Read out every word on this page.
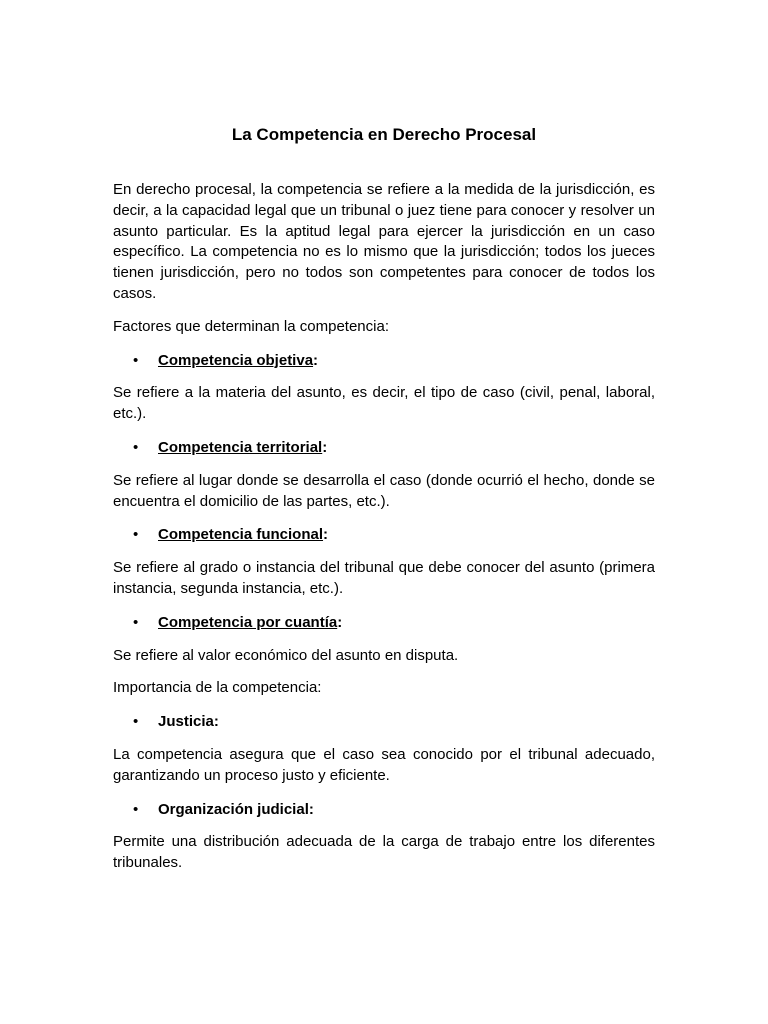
La Competencia en Derecho Procesal

En derecho procesal, la competencia se refiere a la medida de la jurisdicción, es decir, a la capacidad legal que un tribunal o juez tiene para conocer y resolver un asunto particular. Es la aptitud legal para ejercer la jurisdicción en un caso específico. La competencia no es lo mismo que la jurisdicción; todos los jueces tienen jurisdicción, pero no todos son competentes para conocer de todos los casos.

Factores que determinan la competencia:

• Competencia objetiva:

Se refiere a la materia del asunto, es decir, el tipo de caso (civil, penal, laboral, etc.).

• Competencia territorial:

Se refiere al lugar donde se desarrolla el caso (donde ocurrió el hecho, donde se encuentra el domicilio de las partes, etc.).

• Competencia funcional:

Se refiere al grado o instancia del tribunal que debe conocer del asunto (primera instancia, segunda instancia, etc.).

• Competencia por cuantía:

Se refiere al valor económico del asunto en disputa.

Importancia de la competencia:

• Justicia:

La competencia asegura que el caso sea conocido por el tribunal adecuado, garantizando un proceso justo y eficiente.

• Organización judicial:

Permite una distribución adecuada de la carga de trabajo entre los diferentes tribunales.
